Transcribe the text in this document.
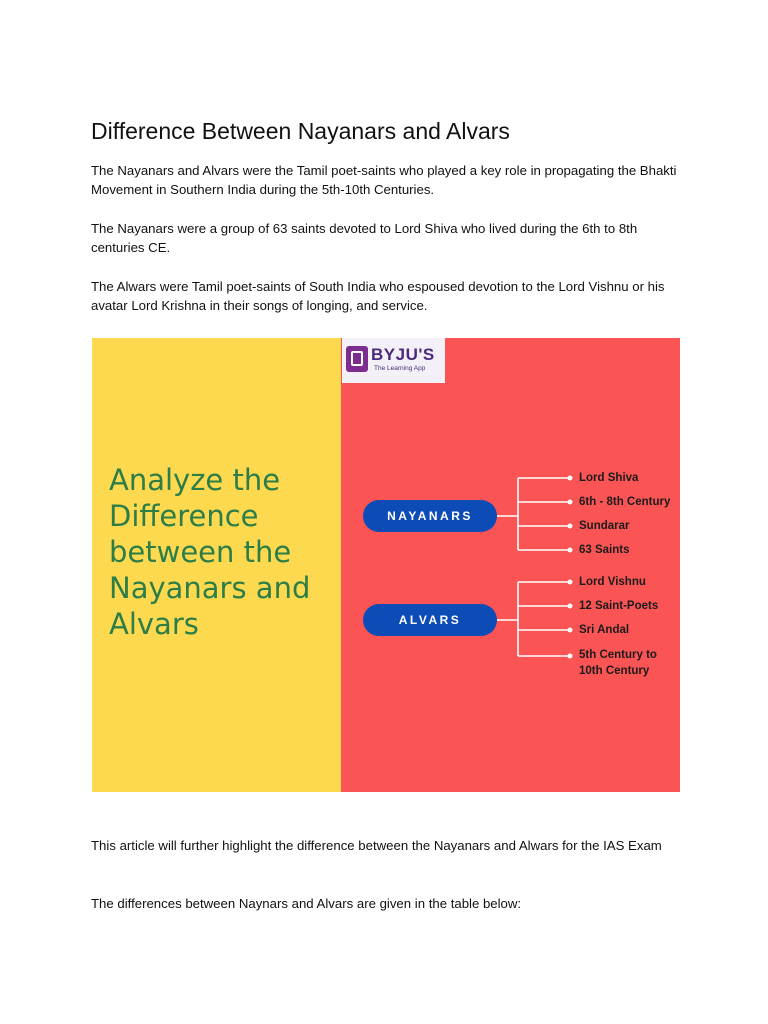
Difference Between Nayanars and Alvars

The Nayanars and Alvars were the Tamil poet-saints who played a key role in propagating the Bhakti Movement in Southern India during the 5th-10th Centuries.

The Nayanars were a group of 63 saints devoted to Lord Shiva who lived during the 6th to 8th centuries CE.

The Alwars were Tamil poet-saints of South India who espoused devotion to the Lord Vishnu or his avatar Lord Krishna in their songs of longing, and service.

Analyze the Difference between the Nayanars and Alvars
BYJU'S
The Learning App
NAYANARS
ALVARS
Lord Shiva
6th - 8th Century
Sundarar
63 Saints
Lord Vishnu
12 Saint-Poets
Sri Andal
5th Century to 10th Century

This article will further highlight the difference between the Nayanars and Alwars for the IAS Exam

The differences between Naynars and Alvars are given in the table below:
